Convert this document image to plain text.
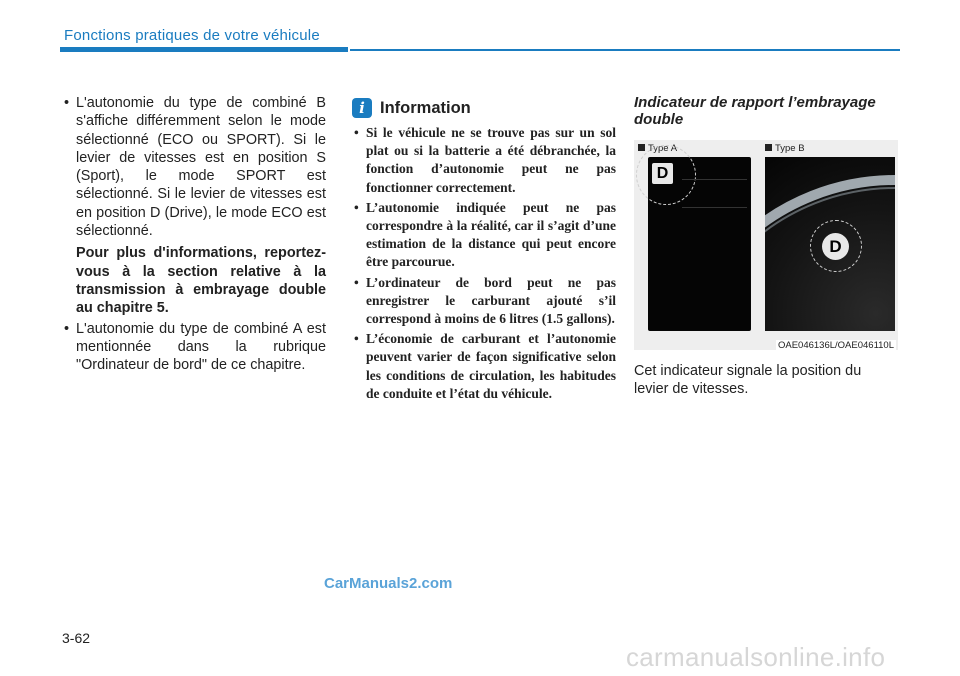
Fonctions pratiques de votre véhicule

• L'autonomie du type de combiné B s'affiche différemment selon le mode sélectionné (ECO ou SPORT). Si le levier de vitesses est en position S (Sport), le mode SPORT est sélectionné. Si le levier de vitesses est en position D (Drive), le mode ECO est sélectionné.

Pour plus d'informations, reportez-vous à la section relative à la transmission à embrayage double au chapitre 5.

• L'autonomie du type de combiné A est mentionnée dans la rubrique "Ordinateur de bord" de ce chapitre.

i Information
• Si le véhicule ne se trouve pas sur un sol plat ou si la batterie a été débranchée, la fonction d’autonomie peut ne pas fonctionner correctement.
• L’autonomie indiquée peut ne pas correspondre à la réalité, car il s’agit d’une estimation de la distance qui peut encore être parcourue.
• L’ordinateur de bord peut ne pas enregistrer le carburant ajouté s’il correspond à moins de 6 litres (1.5 gallons).
• L’économie de carburant et l’autonomie peuvent varier de façon significative selon les conditions de circulation, les habitudes de conduite et l’état du véhicule.
Indicateur de rapport l’embrayage double
Type A	Type B
D
D
OAE046136L/OAE046110L

Cet indicateur signale la position du levier de vitesses.

CarManuals2.com
3-62
carmanualsonline.info
